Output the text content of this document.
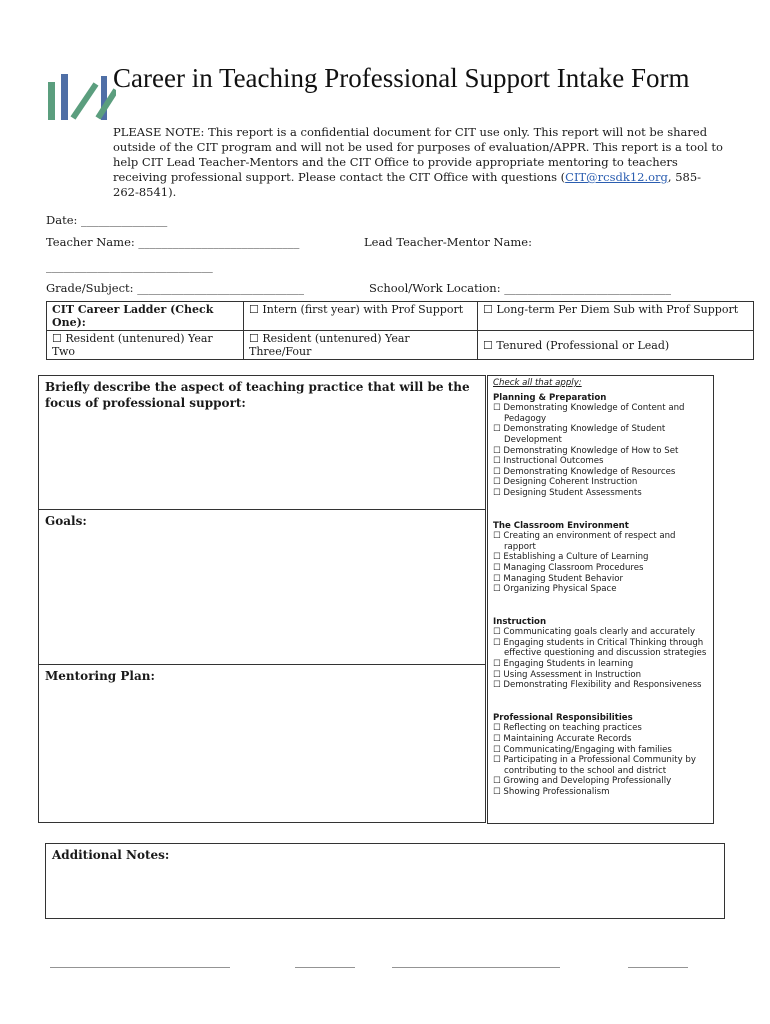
Career in Teaching Professional Support Intake Form
PLEASE NOTE: This report is a confidential document for CIT use only. This report will not be shared outside of the CIT program and will not be used for purposes of evaluation/APPR. This report is a tool to help CIT Lead Teacher-Mentors and the CIT Office to provide appropriate mentoring to teachers receiving professional support. Please contact the CIT Office with questions (CIT@rcsdk12.org, 585-262-8541).
Date: _______________
Teacher Name: ____________________________	Lead Teacher-Mentor Name:
_____________________________
Grade/Subject: _____________________________	School/Work Location: _____________________________
CIT Career Ladder (Check One):	☐ Intern (first year) with Prof Support	☐ Long-term Per Diem Sub with Prof Support
☐ Resident (untenured) Year Two	☐ Resident (untenured) Year Three/Four	☐ Tenured (Professional or Lead)
Briefly describe the aspect of teaching practice that will be the focus of professional support:
Goals:
Mentoring Plan:
Check all that apply:
Planning & Preparation
☐ Demonstrating Knowledge of Content and Pedagogy
☐ Demonstrating Knowledge of Student Development
☐ Demonstrating Knowledge of How to Set
☐ Instructional Outcomes
☐ Demonstrating Knowledge of Resources
☐ Designing Coherent Instruction
☐ Designing Student Assessments
The Classroom Environment
☐ Creating an environment of respect and rapport
☐ Establishing a Culture of Learning
☐ Managing Classroom Procedures
☐ Managing Student Behavior
☐ Organizing Physical Space
Instruction
☐ Communicating goals clearly and accurately
☐ Engaging students in Critical Thinking through effective questioning and discussion strategies
☐ Engaging Students in learning
☐ Using Assessment in Instruction
☐ Demonstrating Flexibility and Responsiveness
Professional Responsibilities
☐ Reflecting on teaching practices
☐ Maintaining Accurate Records
☐ Communicating/Engaging with families
☐ Participating in a Professional Community by contributing to the school and district
☐ Growing and Developing Professionally
☐ Showing Professionalism
Additional Notes:
______________________________	__________	____________________________	__________
